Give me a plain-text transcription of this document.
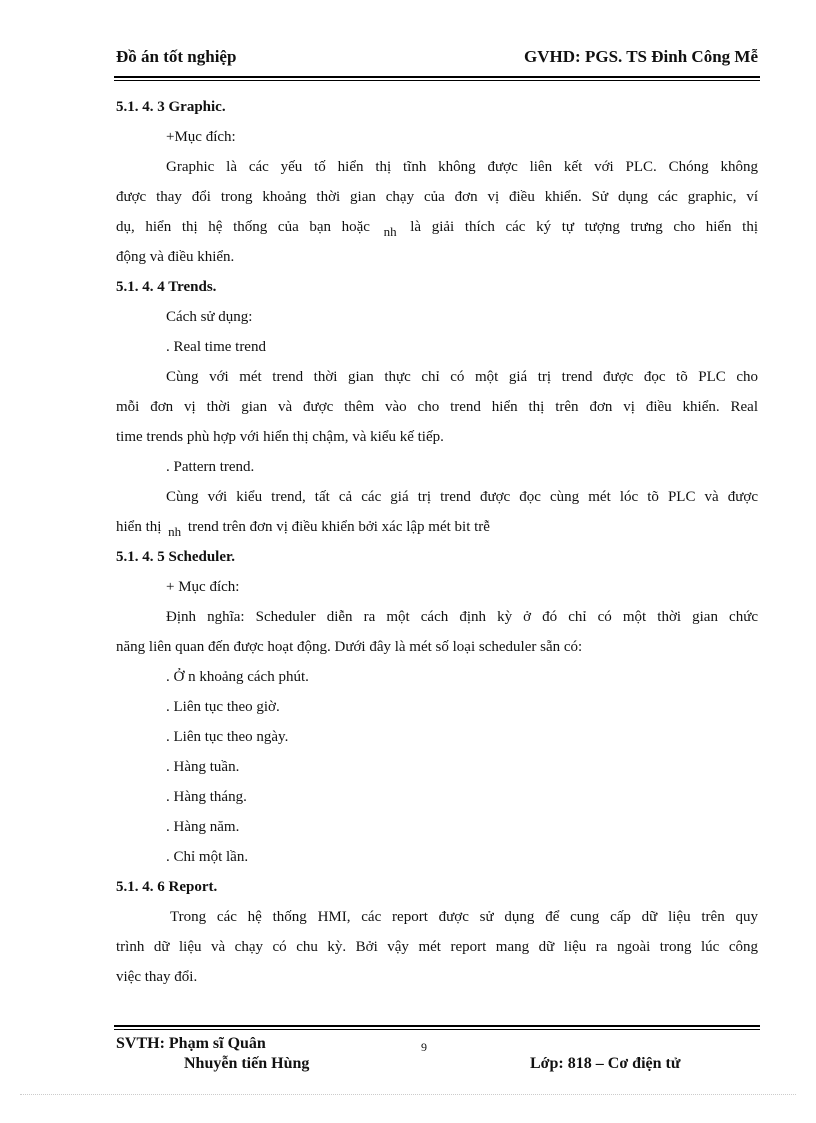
Đồ án tốt nghiệp	GVHD: PGS. TS Đinh Công Mễ
5.1. 4. 3 Graphic.
+Mục đích:
Graphic là các yếu tố hiển thị tĩnh không được liên kết với PLC. Chóng không
được thay đổi trong khoảng thời gian chạy của đơn vị điều khiển. Sử dụng các graphic, ví
dụ, hiển thị hệ thống của bạn hoặc nh là giải thích các ký tự tượng trưng cho hiển thị
động và điều khiển.
5.1. 4. 4 Trends.
Cách sử dụng:
. Real time trend
Cùng với mét trend thời gian thực chỉ có một giá trị trend được đọc tõ PLC cho
mỗi đơn vị thời gian và được thêm vào cho trend hiển thị trên đơn vị điều khiển. Real
time trends phù hợp với hiển thị chậm, và kiểu kế tiếp.
. Pattern trend.
Cùng với kiểu trend, tất cả các giá trị trend được đọc cùng mét lóc tõ PLC và được
hiển thị nh trend trên đơn vị điều khiển bởi xác lập mét bit trễ
5.1. 4. 5 Scheduler.
+ Mục đích:
Định nghĩa: Scheduler diễn ra một cách định kỳ ở đó chỉ có một thời gian chức
năng liên quan đến được hoạt động. Dưới đây là mét số loại scheduler sẵn có:
. Ở n khoảng cách phút.
. Liên tục theo giờ.
. Liên tục theo ngày.
. Hàng tuần.
. Hàng tháng.
. Hàng năm.
. Chỉ một lần.
5.1. 4. 6 Report.
Trong các hệ thống HMI, các report được sử dụng để cung cấp dữ liệu trên quy
trình dữ liệu và chạy có chu kỳ. Bởi vậy mét report mang dữ liệu ra ngoài trong lúc công
việc thay đổi.
SVTH: Phạm sĩ Quân
Nhuyễn tiến Hùng	Lớp: 818 – Cơ điện tử
9
